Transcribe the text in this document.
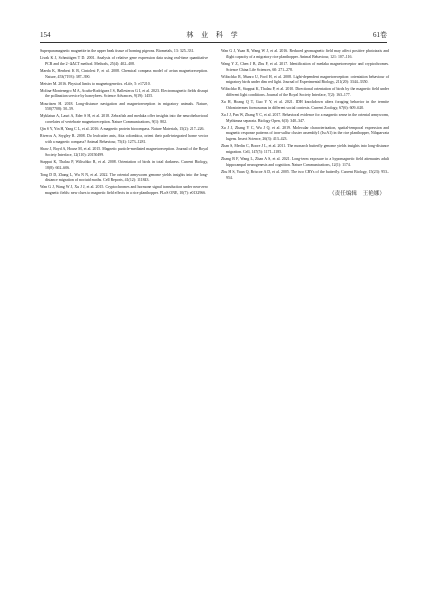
154	林 业 科 学	61卷

Superparamagnetic magnetite in the upper beak tissue of homing pigeons. Biometals, 13: 325–331.

Livak K J, Schmittgen T D. 2001. Analysis of relative gene expression data using real-time quantitative PCR and the 2−ΔΔCT method. Methods, 25(4): 402–408.

Maeda K, Henbest K B, Cintolesi F, et al. 2008. Chemical compass model of avian magnetoreception. Nature, 453(7193): 387–390.

Meister M. 2016. Physical limits to magnetogenetics. eLife, 5: e17210.

Molina-Montenegro M A, Acuña-Rodríguez I S, Ballesteros G I, et al. 2023. Electromagnetic fields disrupt the pollination service by honeybees. Science Advances, 9(19): 1455.

Mouritsen H. 2018. Long-distance navigation and magnetoreception in migratory animals. Nature, 558(7708): 50–59.

Myklatun A, Lauri A, Eder S H, et al. 2018. Zebrafish and medaka offer insights into the neurobehavioral correlates of vertebrate magnetoreception. Nature Communications, 9(1): 802.

Qin S Y, Yin H, Yang C L, et al. 2016. A magnetic protein biocompass. Nature Materials, 15(2): 217–226.

Riveros A, Srygley R. 2008. Do leafcutter ants, Atta colombica, orient their path-integrated home vector with a magnetic compass? Animal Behaviour, 75(4): 1273–1281.

Shaw J, Boyd A, House M, et al. 2015. Magnetic particle-mediated magnetoreception. Journal of the Royal Society Interface, 12(110): 20150499.

Stapput K, Thalau P, Wiltschko R, et al. 2008. Orientation of birds in total darkness. Current Biology, 18(8): 602–606.

Tong D D, Zhang L, Wu N N, et al. 2022. The oriental armyworm genome yields insights into the long-distance migration of noctuid moths. Cell Reports, 41(12): 111843.

Wan G J, Wang W J, Xu J J, et al. 2015. Cryptochromes and hormone signal transduction under near-zero magnetic fields: new clues to magnetic field effects in a rice planthopper. PLoS ONE, 10(7): e0132966.

Wan G J, Yuan R, Wang W J, et al. 2016. Reduced geomagnetic field may affect positive phototaxis and flight capacity of a migratory rice planthopper. Animal Behaviour, 121: 107–116.

Wang Y Z, Chen J B, Zhu F, et al. 2017. Identification of medaka magnetoreceptor and cryptochromes. Science China Life Sciences, 60: 271–278.

Wiltschko R, Munro U, Ford H, et al. 2008. Light-dependent magnetoreception: orientation behaviour of migratory birds under dim red light. Journal of Experimental Biology, 211(20): 3344–3350.

Wiltschko R, Stapput K, Thalau P, et al. 2010. Directional orientation of birds by the magnetic field under different light conditions. Journal of the Royal Society Interface, 7(2): 163–177.

Xu H, Hoang Q T, Guo Y Y, et al. 2021. IDH knockdown alters foraging behavior in the termite Odontotermes formosanus in different social contexts. Current Zoology, 67(6): 609–620.

Xu J J, Pan W, Zhang Y C, et al. 2017. Behavioral evidence for a magnetic sense in the oriental armyworm, Mythimna separata. Biology Open, 6(3): 340–347.

Xu J J, Zhang Y C, Wu J Q, et al. 2019. Molecular characterization, spatial-temporal expression and magnetic response patterns of iron-sulfur cluster assembly1 (IscA1) in the rice planthopper, Nilaparvata lugens. Insect Science, 26(3): 413–423.

Zhan S, Merlin C, Boore J L, et al. 2011. The monarch butterfly genome yields insights into long-distance migration. Cell, 147(5): 1171–1185.

Zhang B F, Wang L, Zhan A S, et al. 2021. Long-term exposure to a hypomagnetic field attenuates adult hippocampal neurogenesis and cognition. Nature Communications, 12(1): 1174.

Zhu H S, Yuan Q, Briscoe A D, et al. 2005. The two CRYs of the butterfly. Current Biology, 15(23): 953–954.

（责任编辑　王艳娜）
